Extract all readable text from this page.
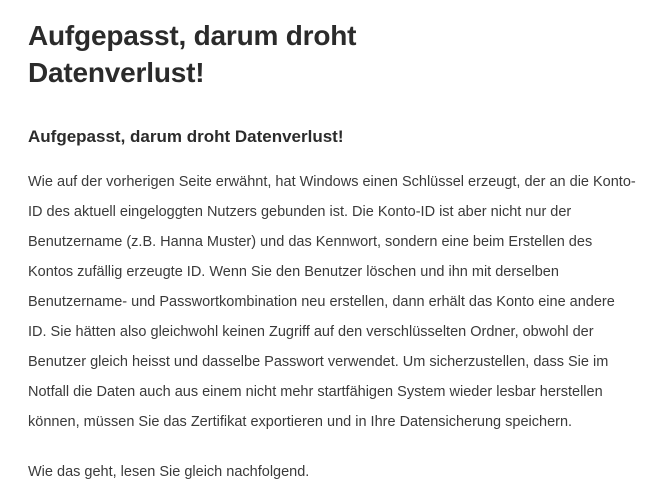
Aufgepasst, darum droht Datenverlust!
Aufgepasst, darum droht Datenverlust!

Wie auf der vorherigen Seite erwähnt, hat Windows einen Schlüssel erzeugt, der an die Konto-ID des aktuell eingeloggten Nutzers gebunden ist. Die Konto-ID ist aber nicht nur der Benutzername (z.B. Hanna Muster) und das Kennwort, sondern eine beim Erstellen des Kontos zufällig erzeugte ID. Wenn Sie den Benutzer löschen und ihn mit derselben Benutzername- und Passwortkombination neu erstellen, dann erhält das Konto eine andere ID. Sie hätten also gleichwohl keinen Zugriff auf den verschlüsselten Ordner, obwohl der Benutzer gleich heisst und dasselbe Passwort verwendet. Um sicherzustellen, dass Sie im Notfall die Daten auch aus einem nicht mehr startfähigen System wieder lesbar herstellen können, müssen Sie das Zertifikat exportieren und in Ihre Datensicherung speichern.

Wie das geht, lesen Sie gleich nachfolgend.
